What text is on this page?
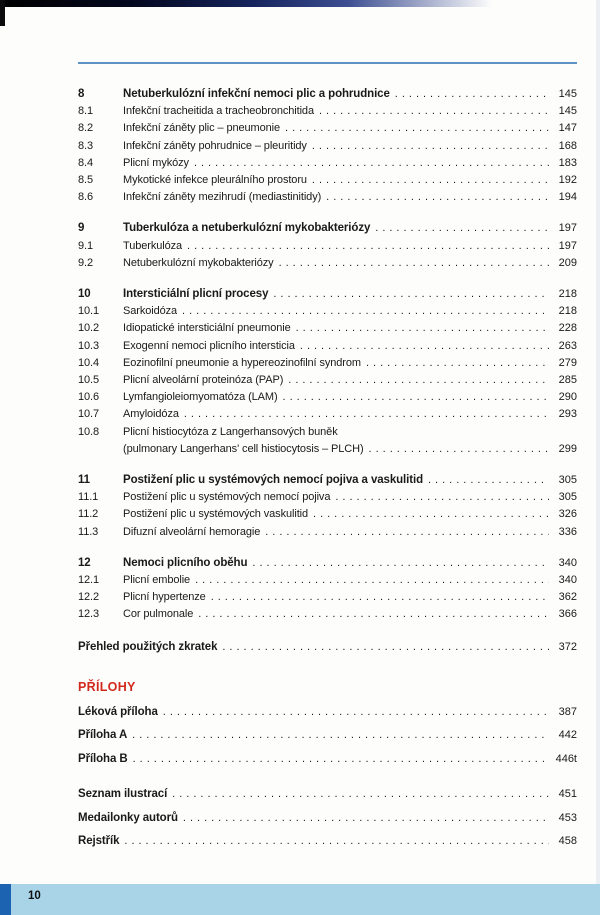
8	Netuberkulózní infekční nemoci plic a pohrudnice .....	145
8.1	Infekční tracheitida a tracheobronchitida .....	145
8.2	Infekční záněty plic – pneumonie .....	147
8.3	Infekční záněty pohrudnice – pleuritidy .....	168
8.4	Plicní mykózy .....	183
8.5	Mykotické infekce pleurálního prostoru .....	192
8.6	Infekční záněty mezihrudí (mediastinitidy) .....	194
9	Tuberkulóza a netuberkulózní mykobakteriózy .....	197
9.1	Tuberkulóza .....	197
9.2	Netuberkulózní mykobakteriózy .....	209
10	Intersticiální plicní procesy .....	218
10.1	Sarkoidóza .....	218
10.2	Idiopatické intersticiální pneumonie .....	228
10.3	Exogenní nemoci plicního intersticia .....	263
10.4	Eozinofilní pneumonie a hypereozinofilní syndrom .....	279
10.5	Plicní alveolární proteinóza (PAP) .....	285
10.6	Lymfangioleiomyomatóza (LAM) .....	290
10.7	Amyloidóza .....	293
10.8	Plicní histiocytóza z Langerhansových buněk
(pulmonary Langerhans' cell histiocytosis – PLCH) .....	299
11	Postižení plic u systémových nemocí pojiva a vaskulitid .....	305
11.1	Postižení plic u systémových nemocí pojiva .....	305
11.2	Postižení plic u systémových vaskulitid .....	326
11.3	Difuzní alveolární hemoragie .....	336
12	Nemoci plicního oběhu .....	340
12.1	Plicní embolie .....	340
12.2	Plicní hypertenze .....	362
12.3	Cor pulmonale .....	366
Přehled použitých zkratek .....	372
PŘÍLOHY
Léková příloha .....	387
Příloha A .....	442
Příloha B .....	446t
Seznam ilustrací .....	451
Medailonky autorů .....	453
Rejstřík .....	458
10
